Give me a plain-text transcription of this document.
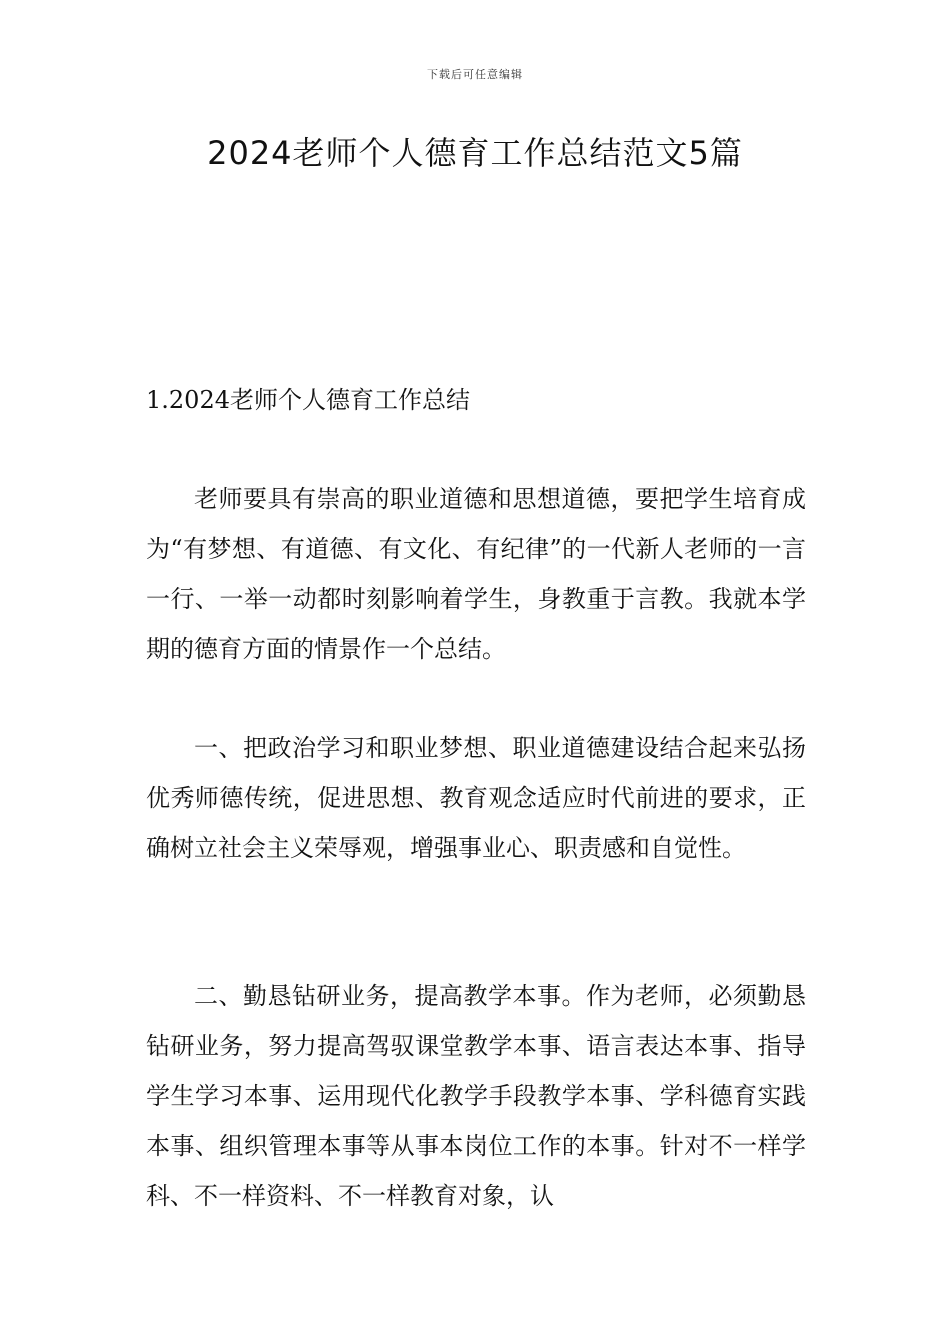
下载后可任意编辑
2024老师个人德育工作总结范文5篇

1.2024老师个人德育工作总结

老师要具有崇高的职业道德和思想道德，要把学生培育成为“有梦想、有道德、有文化、有纪律”的一代新人老师的一言一行、一举一动都时刻影响着学生，身教重于言教。我就本学期的德育方面的情景作一个总结。

一、把政治学习和职业梦想、职业道德建设结合起来弘扬优秀师德传统，促进思想、教育观念适应时代前进的要求，正确树立社会主义荣辱观，增强事业心、职责感和自觉性。

二、勤恳钻研业务，提高教学本事。作为老师，必须勤恳钻研业务，努力提高驾驭课堂教学本事、语言表达本事、指导学生学习本事、运用现代化教学手段教学本事、学科德育实践本事、组织管理本事等从事本岗位工作的本事。针对不一样学科、不一样资料、不一样教育对象，认
